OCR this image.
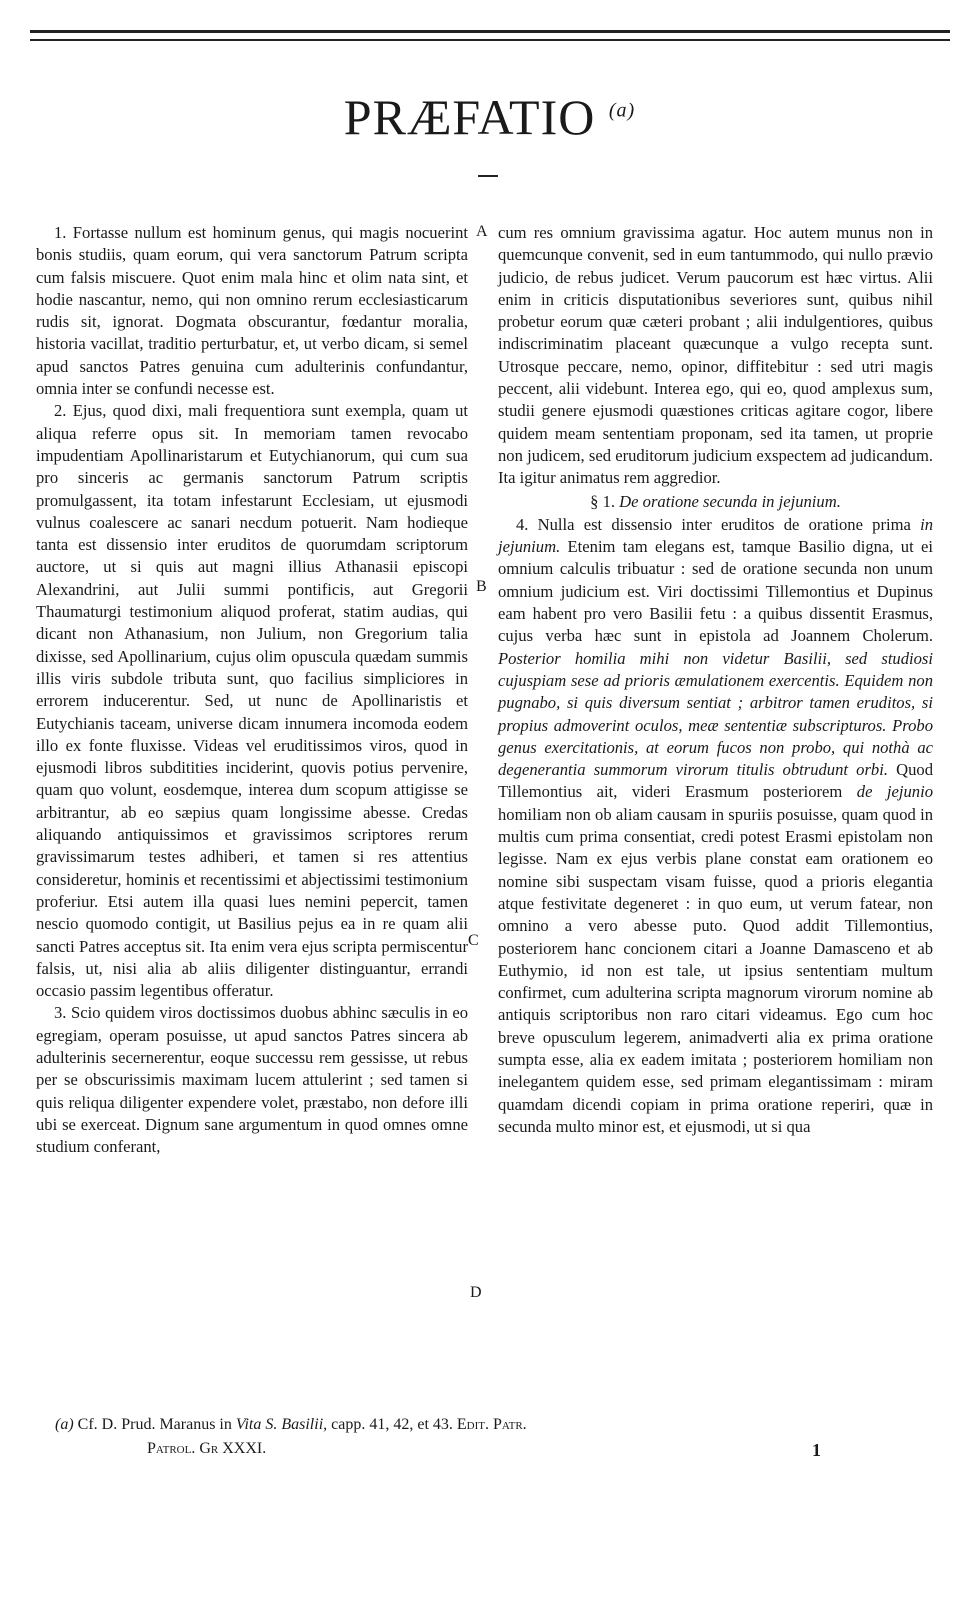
PRÆFATIO $^{(a)}$

1. Fortasse nullum est hominum genus, qui magis nocuerint bonis studiis, quam eorum, qui vera sanctorum Patrum scripta cum falsis miscuere. Quot enim mala hinc et olim nata sint, et hodie nascantur, nemo, qui non omnino rerum ecclesiasticarum rudis sit, ignorat. Dogmata obscurantur, fœdantur moralia, historia vacillat, traditio perturbatur, et, ut verbo dicam, si semel apud sanctos Patres genuina cum adulterinis confundantur, omnia inter se confundi necesse est.

2. Ejus, quod dixi, mali frequentiora sunt exempla, quam ut aliqua referre opus sit. In memoriam tamen revocabo impudentiam Apollinaristarum et Eutychianorum, qui cum sua pro sinceris ac germanis sanctorum Patrum scriptis promulgassent, ita totam infestarunt Ecclesiam, ut ejusmodi vulnus coalescere ac sanari necdum potuerit. Nam hodieque tanta est dissensio inter eruditos de quorumdam scriptorum auctore, ut si quis aut magni illius Athanasii episcopi Alexandrini, aut Julii summi pontificis, aut Gregorii Thaumaturgi testimonium aliquod proferat, statim audias, qui dicant non Athanasium, non Julium, non Gregorium talia dixisse, sed Apollinarium, cujus olim opuscula quædam summis illis viris subdole tributa sunt, quo facilius simpliciores in errorem inducerentur. Sed, ut nunc de Apollinaristis et Eutychianis taceam, universe dicam innumera incomoda eodem illo ex fonte fluxisse. Videas vel eruditissimos viros, quod in ejusmodi libros subditities inciderint, quovis potius pervenire, quam quo volunt, eosdemque, interea dum scopum attigisse se arbitrantur, ab eo sæpius quam longissime abesse. Credas aliquando antiquissimos et gravissimos scriptores rerum gravissimarum testes adhiberi, et tamen si res attentius consideretur, hominis et recentissimi et abjectissimi testimonium proferiur. Etsi autem illa quasi lues nemini pepercit, tamen nescio quomodo contigit, ut Basilius pejus ea in re quam alii sancti Patres acceptus sit. Ita enim vera ejus scripta permiscentur falsis, ut, nisi alia ab aliis diligenter distinguantur, errandi occasio passim legentibus offeratur.

3. Scio quidem viros doctissimos duobus abhinc sæculis in eo egregiam, operam posuisse, ut apud sanctos Patres sincera ab adulterinis secernerentur, eoque successu rem gessisse, ut rebus per se obscurissimis maximam lucem attulerint ; sed tamen si quis reliqua diligenter expendere volet, præstabo, non defore illi ubi se exerceat. Dignum sane argumentum in quod omnes omne studium conferant,

cum res omnium gravissima agatur. Hoc autem munus non in quemcunque convenit, sed in eum tantummodo, qui nullo prævio judicio, de rebus judicet. Verum paucorum est hæc virtus. Alii enim in criticis disputationibus severiores sunt, quibus nihil probetur eorum quæ cæteri probant ; alii indulgentiores, quibus indiscriminatim placeant quæcunque a vulgo recepta sunt. Utrosque peccare, nemo, opinor, diffitebitur : sed utri magis peccent, alii videbunt. Interea ego, qui eo, quod amplexus sum, studii genere ejusmodi quæstiones criticas agitare cogor, libere quidem meam sententiam proponam, sed ita tamen, ut proprie non judicem, sed eruditorum judicium exspectem ad judicandum. Ita igitur animatus rem aggredior.

§ 1. De oratione secunda in jejunium.

4. Nulla est dissensio inter eruditos de oratione prima in jejunium. Etenim tam elegans est, tamque Basilio digna, ut ei omnium calculis tribuatur : sed de oratione secunda non unum omnium judicium est. Viri doctissimi Tillemontius et Dupinus eam habent pro vero Basilii fetu : a quibus dissentit Erasmus, cujus verba hæc sunt in epistola ad Joannem Cholerum. Posterior homilia mihi non videtur Basilii, sed studiosi cujuspiam sese ad prioris æmulationem exercentis. Equidem non pugnabo, si quis diversum sentiat ; arbitror tamen eruditos, si propius admoverint oculos, meæ sententiæ subscripturos. Probo genus exercitationis, at eorum fucos non probo, qui nothà ac degenerantia summorum virorum titulis obtrudunt orbi. Quod Tillemontius ait, videri Erasmum posteriorem de jejunio homiliam non ob aliam causam in spuriis posuisse, quam quod in multis cum prima consentiat, credi potest Erasmi epistolam non legisse. Nam ex ejus verbis plane constat eam orationem eo nomine sibi suspectam visam fuisse, quod a prioris elegantia atque festivitate degeneret : in quo eum, ut verum fatear, non omnino a vero abesse puto. Quod addit Tillemontius, posteriorem hanc concionem citari a Joanne Damasceno et ab Euthymio, id non est tale, ut ipsius sententiam multum confirmet, cum adulterina scripta magnorum virorum nomine ab antiquis scriptoribus non raro citari videamus. Ego cum hoc breve opusculum legerem, animadverti alia ex prima oratione sumpta esse, alia ex eadem imitata ; posteriorem homiliam non inelegantem quidem esse, sed primam elegantissimam : miram quamdam dicendi copiam in prima oratione reperiri, quæ in secunda multo minor est, et ejusmodi, ut si qua

A
B
C
D
(a) Cf. D. Prud. Maranus in Vita S. Basilii, capp. 41, 42, et 43. Edit. Patr.
Patrol. Gr XXXI.	1
